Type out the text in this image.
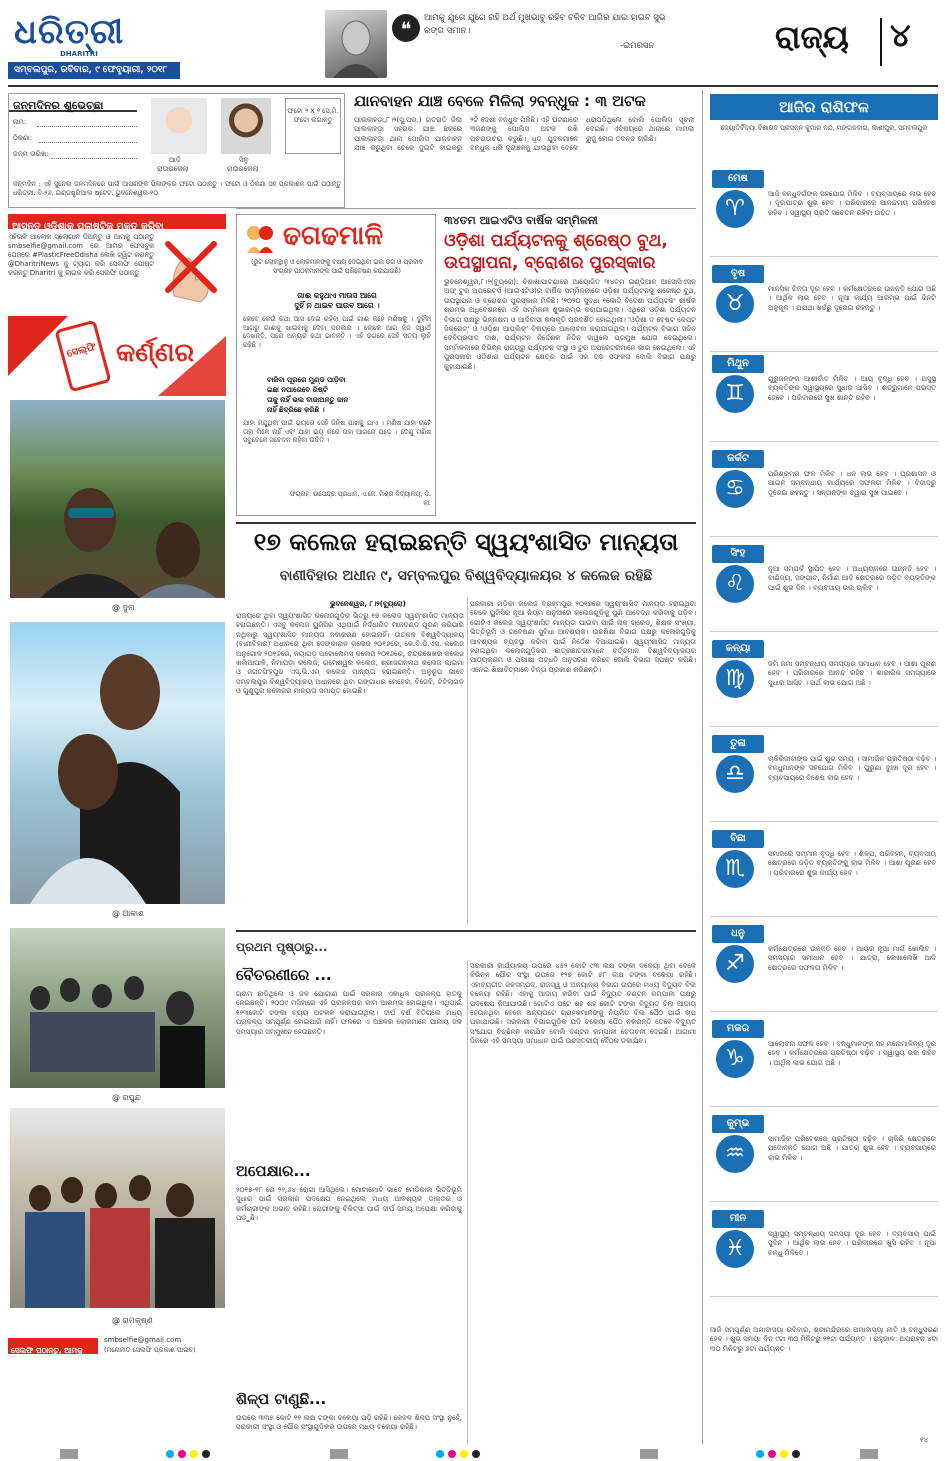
ଧରିତ୍ରୀ
DHARITRI
ସମ୍ବଲପୁର, ରବିବାର, ୯ ଫେବୃୟାରୀ, ୨୦୧୮
❝	ଆମକୁ ଯୁଗେ ଯୁଗେ ରହି ଅର୍ଥ ମୁଖଭାବୁ ରହିବ ବଳିବ ଆଗିର ଯାଇ ହାଇବ ସୁଭ ରଙ୍ଗ ସମାନ।
-ଇମରସନ	ରାଜ୍ୟ ୪
ଜନ୍ମଦିନର ଶୁଭେଚ୍ଛା
ନାମ:
ଠିକଣା:
ଜନ୍ମ ତାରିଖ:
ଆଦି
ରାଉରକେଲା
ସିନୁ
ରାଉରକେଲା
ଫଟୋ ୨ X ୨ ସେ.ମି. ଫଟୋ ଲଗାନ୍ତୁ
ଜନ୍ମଦିନ : ଏହି ସୁନେଲ ଜନମଦିନରେ ପାଇଁ ଆପଣଙ୍କ ପିଲାଙ୍କର ଫଟୋ ପଠାନ୍ତୁ । ଫଟୋ ଓ ଠିକଣା ସହ ପ୍ରକାଶନ ପାଇଁ ପଠାନ୍ତୁ ଧରିତ୍ରୀ, ବି-୨୬, ଇଣ୍ଡଷ୍ଟ୍ରିଆଲ ଷ୍ଟେଟ, ଭୁବନେଶ୍ୱର-୧୦
ଆସନ୍ତୁ ଓଡ଼ିଶାକୁ ପ୍ଲାଷ୍ଟିକ ମୁକ୍ତ କରିବା
ଏହିଭଳି ଆଲୋକ ସ୍ଲୋଗାନ ଦିଅନ୍ତୁ ଓ ଆମକୁ ପଠାନ୍ତୁ smbselfie@gmail.com ରେ ଆମର ଫେସବୁକ ପେଜରେ #PlasticFreeOdisha ଲେଖି ଟ୍ୱିଟ କରନ୍ତୁ @DharitriNews କୁ ଟ୍ୟାଗ କରି ସେଲଫି ପୋଷ୍ଟ କରନ୍ତୁ Dharitri କୁ ଲାଇକ କରି ସେଲଫି ପଠାନ୍ତୁ
ସେଲ୍ଫି କର୍ଣ୍ଣର
@ ଦୁନା
@ ଆକାଶ
@ ରଘୁନ୍ଦ
@ ରାମକୃଷ୍ଣ
ସେଲଫି ପଠାନ୍ତୁ, ଆମକୁ ପଠାନ୍ତୁ
smbselfie@gmail.com
(ମନୋନୀତ ସେଲଫି ପ୍ରକାଶ ପାଇବ)
ଯାନବାହନ ଯାଞ୍ଚ ବେଳେ ମିଳିଲା ୨ବନ୍ଧୁକ : ୩ ଅଟକ
ପାଲଲାହଡ଼ା,୮।୨(ସୁ.ପ୍ର.) ଗତରାତି ଜିଲା ପାଲଲାହଡ଼ା ସହରର ଯାଞ୍ଚ ଛକରେ ପାଲଲାହଡ଼ା ଥାନା ପୋଲିସ ଯାନବାହନ ଯାଞ୍ଚ କରୁଥିବା ବେଳେ ଦୁଇଟି ବାଇକରୁ ୨ଟି ଦେଶୀ ବନ୍ଧୁକ ମିଳିଛି। ଏହି ଘଟଣାରେ ୩ଜଣଙ୍କୁ ପୋଲିସ ଅଟକ ରଖି ପଚରାଉଚରା କରୁଛି। ଧୃତ ଯୁବକମାନେ ବନ୍ଧୁକ ଧରି ଦୂରାଞ୍ଚଳକୁ ଯାଉଥିବା ବେଳେ ଧରାପଡ଼ିଥିଲେ ବୋଲି ପୋଲିସ ସୂଚନା ଦେଇଛି। ଏବିଷୟରେ ଥାନାରେ ମାମଲା ରୁଜୁ ହୋଇ ତଦନ୍ତ ଚାଲିଛି।
ଢଗଢମାଳି
(ରୁଟି ଲୋକନ୍ଥାଳୁ ଓ ଲୋକମାନଙ୍କୁ ବିଷୟ ଦେଇଥିବା ଭଲ ଢଗ ଓ ପ୍ରବାଦ ସଂଗ୍ରହ ପାଠକମାନଙ୍କ ପାଇଁ ପରିବେଷଣ କରାଯାଉଛି)
ଗାଈ କହୁଥାଏ ମାଉସ ଆଗେ
ଦୁହିଁ ନ ଥାଇବ ପାଉବ ଆଗେ ।
କେବେ କେଉଁ କଥା ଆସ ଦେଇ ରହିବା ପାଇଁ ଗାଈ କହେ ମଣିଷକୁ । ଦୁହିଁବା ଆଗରୁ ଗାଈକୁ ଖାଇବାକୁ ଦେବା ଦରକାର । ଲୋକେ ଆଗ ନିଜ ସ୍ୱାର୍ଥ ଦେଖନ୍ତି, ପରେ ଅନ୍ୟର କଥା ଭାବନ୍ତି । ଏହି ଢଗରେ ସେହି ସତ୍ୟ ଲୁଚି ରହିଛି ।
ବାଜିବା ପୂରରେ ମୁଣ୍ଡ ପାଡ଼ିବା
ଇଛା ନପାରେବେ ରିଷ୍ଟି
ତାକୁ ନାହିଁ ଭଲ ବାଜାଅନ୍ତୁ ଜାନ
ନାହିଁ ଛିଦ୍ରିଛେ କରିଛି ।
ଯାହା ମନ୍ଦୁଥିବା ପାଇଁ ଭୟରେ ସେହି ଜିନିଷ ପାଖକୁ ଯାଏ । ମଣିଷ ଯାହା ଚାହେଁ ତାହା ମିଳେ ନାହିଁ ଏବଂ ଯାହା ଭୟ କରେ ତାହା ଆଗରେ ପଡ଼େ । ତେଣୁ ମଣିଷ ସବୁବେଳେ ସଚେତନ ରହିବା ଉଚିତ ।
ସଂଗ୍ରହ: ଉପେନ୍ଦ୍ର ପ୍ରଧାନ, ଏ.ଜେ. ମିଶ୍ର ବିଦ୍ୟାଳୟ, ଡି. ଲା.
୩୪ତମ ଆଇଏଟିଓ ବାର୍ଷିକ ସମ୍ମିଳନୀ
ଓଡ଼ିଶା ପର୍ଯ୍ୟଟନକୁ ଶ୍ରେଷ୍ଠ ବୁଥ, ଉପସ୍ଥାପନା, ବ୍ରୋଶର ପୁରସ୍କାର
ଭୁବନେଶ୍ୱର,୮।୨(ବ୍ୟୁରୋ): ବିଶାଖାପାଟଣାରେ ଆୟୋଜିତ ୩୪ତମ ଇଣ୍ଡିଆନ୍ ଆସୋସିଏସନ୍ ଅଫ୍ ଟୁର ଅପରେଟର୍ସ (ଆଇଏଟିଓ)ର ବାର୍ଷିକ ସମ୍ମିଳନୀରେ ଓଡ଼ିଶା ପର୍ଯ୍ୟଟନକୁ ଶ୍ରେଷ୍ଠ ବୁଥ, ଉପସ୍ଥାପନା ଓ ବ୍ରୋଶର ପୁରସ୍କାର ମିଳିଛି। '୨୦୨୦ ସୁଦ୍ଧା ୧କୋଟି ବିଦେଶୀ ପର୍ଯ୍ୟଟକ' ଶୀର୍ଷକ ଶ୍ରମ୍ଭ ଅଧିବେଶନରେ ଏହି ସମ୍ମିଳନୀ ଶୁଭାରମ୍ଭ କରାଯାଇଥିଲା। ଏଥିରେ ଓଡ଼ିଶା ପର୍ଯ୍ୟଟନ ବିଭାଗ ପକ୍ଷରୁ ଭିନ୍ନକ୍ଷମ ଓ ଆଦିବାସୀ କଳାକୃତି ପ୍ରଦର୍ଶିତ ହୋଇଥିଲା। 'ଓଡ଼ିଶା ଦ ବେଷ୍ଟ କେପ୍ଟ ସିକ୍ରେଟ୍' ଓ 'ଓଡ଼ିଶା ଆପ୍ଲିକ୍' ବିଷୟରେ ଆଲୋଚନା କରାଯାଇଥିଲା। ପର୍ଯ୍ୟଟନ ବିଭାଗ ସଚିବ ଦେବିପ୍ରସାଦ ଦାଶ, ପର୍ଯ୍ୟଟନ ନିର୍ଦ୍ଦେଶକ ନିତିନ ଜାୱଲେ ପ୍ରମୁଖ ଯୋଗ ଦେଇଥିଲେ। ସମ୍ମିଳନୀରେ ବିଭିନ୍ନ ରାଜ୍ୟରୁ ପର୍ଯ୍ୟଟନ ସଂସ୍ଥା ଓ ଟୁର ଅପରେଟରମାନେ ଭାଗ ନେଇଥିଲେ। ଏହି ପୁରସ୍କାର ଓଡ଼ିଶାର ପର୍ଯ୍ୟଟନ କ୍ଷେତ୍ର ପାଇଁ ଏକ ବଡ଼ ସଫଳତା ବୋଲି ବିଭାଗ ପକ୍ଷରୁ କୁହାଯାଇଛି।
୧୭ କଲେଜ ହରାଇଛନ୍ତି ସ୍ୱୟଂଶାସିତ ମାନ୍ୟତା
ବାଣୀବିହାର ଅଧୀନ ୯, ସମ୍ବଲପୁର ବିଶ୍ୱବିଦ୍ୟାଳୟର ୪ କଲେଜ ରହିଛି
ଭୁବନେଶ୍ୱର, ୮।୨(ବ୍ୟୁରୋ)
ରାଜ୍ୟରେ ଥିବା ସ୍ୱୟଂଶାସିତ କଲେଜଗୁଡ଼ିକ ଭିତରୁ ୧୭ କଲେଜ ସ୍ୱୟଂଶାସିତ ମାନ୍ୟତା ହରାଇଛନ୍ତି। ଏସବୁ କଲେଜ ୟୁଜିସିର ଏଥିପାଇଁ ନିର୍ଦ୍ଧାରିତ ମାନଦଣ୍ଡ ପୂରଣ କରିପାରି ନଥିବାରୁ ସ୍ୱୟଂଶାସିତ ମାନ୍ୟତା ନବୀକରଣ ହୋଇନାହିଁ। ଉତ୍କଳ ବିଶ୍ୱବିଦ୍ୟାଳୟ (ବାଣୀବିହାର) ଅଧୀନରେ ଥିବା ଦେଙ୍କାନାଳ କଲେଜ ୨୦୧୬ରେ, କେ.ବି.ଡି.ଏସ. କଲେଜ ଅନୁଗୋଳ ୨୦୧୬ରେ, ନୟାଗଡ଼ ଅଟୋନୋମସ୍ କଲେଜ ୨୦୧୬ରେ, ଚନ୍ଦ୍ରଶେଖର କଲେଜ ଖଲିଆପାଳି, ନିମାପଡ଼ା କଲେଜ, ରାମେଶ୍ୱର କଲେଜ, ଶ୍ରୀଜଗନ୍ନାଥ କଲେଜ କାଇମା ଓ ଜଗତସିଂହପୁର ଏସ୍.ଭି.ଏମ୍ କଲେଜ ମାନ୍ୟତା ହରାଇଛନ୍ତି। ଅନୁରୂପ ଭାବେ ସମ୍ବଲପୁର ବିଶ୍ୱବିଦ୍ୟାଳୟ ଅଧୀନରେ ଥିବା ଗଙ୍ଗାଧର ମେହେର, ବିଜେବି, ଟିଟିଲାଗଡ଼ ଓ ଗୁଣୁପୁର କଲେଜର ମାନ୍ୟତା ସମାପ୍ତ ହୋଇଛି।
ସରକାରୀ ମଡ଼ିକା କଲେଜ ବ୍ରହ୍ମପୁର ୨୦୧୭ରେ ସ୍ୱୟଂଶାସିତ ମାନ୍ୟତା ହରାଇଥିବା ବେଳେ ୟୁଜିସିର ନୂଆ ନିୟମ ଅନୁସାରେ କଲେଜଗୁଡ଼ିକୁ ପୁଣି ଆବେଦନ କରିବାକୁ ପଡ଼ିବ। ଗୋଟିଏ କଲେଜ ସ୍ୱୟଂଶାସିତ ମାନ୍ୟତା ପାଇବା ପାଇଁ ନାକ୍ ଗ୍ରେଡ୍, ଶିକ୍ଷକ ସଂଖ୍ୟା, ଭିତ୍ତିଭୂମି ଓ ଗବେଷଣା ସୁବିଧା ଆବଶ୍ୟକ। ଉଚ୍ଚଶିକ୍ଷା ବିଭାଗ ପକ୍ଷରୁ କଲେଜଗୁଡ଼ିକୁ ଆବଶ୍ୟକ ବ୍ୟବସ୍ଥା କରିବା ପାଇଁ ନିର୍ଦ୍ଦେଶ ଦିଆଯାଇଛି। ସ୍ୱୟଂଶାସିତ ମାନ୍ୟତା ହରାଇଥିବା କଲେଜଗୁଡ଼ିକର ଛାତ୍ରଛାତ୍ରୀମାନେ ବର୍ତ୍ତମାନ ବିଶ୍ୱବିଦ୍ୟାଳୟର ପାଠ୍ୟକ୍ରମ ଓ ପରୀକ୍ଷା ପଦ୍ଧତି ଅନୁସରଣ କରିବେ ବୋଲି ବିଭାଗ ସ୍ପଷ୍ଟ କରିଛି। ଏନେଇ ଶିକ୍ଷାବିତ୍‌ମାନେ ଚିନ୍ତା ପ୍ରକାଶ କରିଛନ୍ତି।
ପ୍ରଥମ ପୃଷ୍ଠାରୁ...
ବୈତରଣୀରେ ...
ଗ୍ରାମ ଛାଡ଼ିଥିଲେ ଓ ଜଳ ଯୋଗାଣ ପାଇଁ ସରକାର ଏକାଧିକ ପ୍ରକଳ୍ପ ହାତକୁ ନେଇଛନ୍ତି। ୨୦୦୯ ମସିହାରେ ଏହି ପ୍ରକଳ୍ପର କାମ ଆରମ୍ଭ ହୋଇଥିଲା। ଏଥିପାଇଁ ୧୨୩କୋଟି ଟଙ୍କା ବ୍ୟୟ ଅଟକଳ କରାଯାଇଥିଲା। ଦୀର୍ଘ ବର୍ଷ ବିତିଗଲେ ମଧ୍ୟ ପ୍ରକଳ୍ପ ସମ୍ପୂର୍ଣ୍ଣ ହୋଇପାରି ନାହିଁ। ଫଳରେ ଏ ଅଞ୍ଚଳର ଲୋକମାନେ ପାନୀୟ ଜଳ ସମସ୍ୟାର ସମ୍ମୁଖୀନ ହେଉଛନ୍ତି।
ଅପେକ୍ଷାର...
୨୦୧୭-୧୮ ରେ ୨୨,୬୪ ରୋଗୀ ଆସିଥିଲେ। ମୋଟାମୋଟି ଭାବେ ମେଡିକାଲ ଭିତ୍ତିଭୂମି ସୁଧାର ପାଇଁ ସରକାର ପଦକ୍ଷେପ ନେଇଥିଲେ ମଧ୍ୟ ଆବଶ୍ୟକ ଡାକ୍ତର ଓ କର୍ମଚାରୀଙ୍କ ଅଭାବ ରହିଛି। ରୋଗୀଙ୍କୁ ଚିକିତ୍ସା ପାଇଁ ଦୀର୍ଘ ସମୟ ଅପେକ୍ଷା କରିବାକୁ ପଡ଼ୁଛି।
ଶିଳ୍ପ ଟାଣୁଛି...
ଉପରେ ୩୩୫ କୋଟି ୧୧ ଲକ୍ଷ ଟଙ୍କା ବକେୟା ପଡ଼ି ରହିଛି। କେବଳ ଶିଳ୍ପ ସଂସ୍ଥା ନୁହେଁ, ସରକାରୀ ସଂସ୍ଥା ଓ ପୌର ସଂସ୍ଥାଗୁଡ଼ିକର ଉପରେ ମଧ୍ୟ ବକେୟା ରହିଛି।
ସରକାରୀ କାର୍ଯ୍ୟାଳୟ ଉପରେ ୪୫୨ କୋଟି ୯୩ ଲକ୍ଷ ଟଙ୍କା ବକେୟା ଥିବା ବେଳେ ବିଭିନ୍ନ ପୌର ସଂସ୍ଥା ଉପରେ ୧୨୭ କୋଟି ୫୮ ଲକ୍ଷ ଟଙ୍କା ବକେୟା ରହିଛି। ଏହାବ୍ୟତୀତ ଜଳସମ୍ପଦ, ରାଜସ୍ୱ ଓ ଅନ୍ୟାନ୍ୟ ବିଭାଗ ଉପରେ ମଧ୍ୟ ବିଦ୍ୟୁତ ବିଲ ବକେୟା ରହିଛି। ଏହାକୁ ଆଦାୟ କରିବା ପାଇଁ ବିଦ୍ୟୁତ ବଣ୍ଟନ କମ୍ପାନୀ ପକ୍ଷରୁ ପଦକ୍ଷେପ ନିଆଯାଉଛି। ଗୋଟିଏ ପଟେ ଶହ ଶହ କୋଟି ଟଙ୍କା ବିଦ୍ୟୁତ ବିଲ ଆଦାୟ ହେଉନଥିବା ବେଳେ ଅନ୍ୟପଟେ ଗ୍ରାହକମାନଙ୍କୁ ନିୟମିତ ବିଲ ପୈଠ ପାଇଁ ଚାପ ପକାଯାଉଛି। ସରକାରୀ ବିଭାଗଗୁଡ଼ିକ ଯଦି ବକେୟା ପୈଠ ନକରନ୍ତି ତେବେ ବିଦ୍ୟୁତ ସଂଯୋଗ ବିଚ୍ଛିନ୍ନ କରାଯିବ ବୋଲି ବଣ୍ଟନ କମ୍ପାନୀ ଚେତାବନୀ ଦେଇଛି। ଆଗାମୀ ଦିନରେ ଏହି ସମସ୍ୟା ସମାଧାନ ପାଇଁ ଉଚ୍ଚସ୍ତରୀୟ ବୈଠକ ଡକାଯିବ।
ଆଜିର ରାଶିଫଳ
ଜ୍ୟୋତିର୍ବିଦ୍ୟା ବିଶାରଦ ପ୍ରସନ୍ନ କୁମାର ନନ୍ଦ, ମଙ୍ଗଳବାଗ, କାଶୀପୁର, ସମ୍ବଲପୁର
ମେଷ
♈
ଆଜି ବନ୍ଧୁବର୍ଗଙ୍କ ସହଯୋଗ ମିଳିବ । ବ୍ୟବସାୟରେ ଲାଭ ହେବ । ଦୂରଯାତ୍ରା ଶୁଭ ହେବ । ପରିବାରରେ ଆନନ୍ଦମୟ ପରିବେଶ ରହିବ । ସ୍ୱାସ୍ଥ୍ୟ ପ୍ରତି ସଚେତନ ରହିବା ଉଚିତ ।
ବୃଷ
♉
ମାନସିକ ଚିନ୍ତା ଦୂର ହେବ । କର୍ମକ୍ଷେତ୍ରରେ ଉନ୍ନତି ଯୋଗ ଅଛି । ଆର୍ଥିକ ଲାଭ ହେବ । ନୂଆ କାର୍ଯ୍ୟ ଆରମ୍ଭ ପାଇଁ ଦିନଟି ଅନୁକୂଳ । ଅଯଥା ଖର୍ଚ୍ଚରୁ ଦୂରେଇ ରହନ୍ତୁ ।
ମିଥୁନ
♊
ଗୁରୁଜନଙ୍କ ଆଶୀର୍ବାଦ ମିଳିବ । ଆୟ ବୃଦ୍ଧି ହେବ । ଅସୁସ୍ଥ ବ୍ୟକ୍ତିଙ୍କ ସ୍ୱାସ୍ଥ୍ୟରେ ସୁଧାର ଆସିବ । ଶତ୍ରୁମାନେ ପରାସ୍ତ ହେବେ । ପରିବାରରେ ସୁଖ ଶାନ୍ତି ରହିବ ।
କର୍କଟ
♋
ପରିଶ୍ରମର ଫଳ ମିଳିବ । ଧନ ଲାଭ ହେବ । ପ୍ରଶାସନ ଓ ଆଇନ ସମ୍ବନ୍ଧୀୟ କାର୍ଯ୍ୟରେ ସଫଳତା ମିଳିବ । ବିବାଦରୁ ଦୂରେଇ ରହନ୍ତୁ । ସନ୍ତାନଙ୍କ ଦ୍ୱାରା ସୁଖ ପାଇବେ ।
ସିଂହ
♌
ନୂଆ ସମ୍ପର୍କ ସ୍ଥାପିତ ହେବ । ଅଧ୍ୟୟନରେ ଉନ୍ନତି ହେବ । ବାଣିଜ୍ୟ, ସଙ୍ଗୀତ, ନିର୍ମାଣ ଆଦି କ୍ଷେତ୍ରରେ ଜଡ଼ିତ ବ୍ୟକ୍ତିଙ୍କ ପାଇଁ ଶୁଭ ଦିନ । ବ୍ୟବସାୟ ଭଲ ଚାଲିବ ।
କନ୍ୟା
♍
ଜମି ଜମା ସମ୍ବନ୍ଧୀୟ ସମସ୍ୟାର ସମାଧାନ ହେବ । ଆଶା ପୂରଣ ହେବ । ପରିବାରରେ ଆନନ୍ଦ ରହିବ । ଶାରୀରିକ ସମସ୍ୟାରେ ସୁଧାର ଆସିବ । ଅର୍ଥ ଲାଭ ଯୋଗ ଅଛି ।
ତୁଳା
♎
ଚାକିରିଜୀବୀଙ୍କ ପାଇଁ ଶୁଭ ସମୟ । ସାମାଜିକ ପ୍ରତିଷ୍ଠା ବଢ଼ିବ । ବନ୍ଧୁମାନଙ୍କ ସହଯୋଗ ମିଳିବ । ପୁରୁଣା ଦୁଃଖ ଦୂର ହେବ । ବ୍ୟବସାୟରେ ବିଶେଷ ଲାଭ ହେବ ।
ବିଛା
♏
ସମାଜରେ ସମ୍ମାନ ବୃଦ୍ଧି ହେବ । ଶିଳ୍ପ, ପରିବହନ, ବ୍ୟବସାୟ କ୍ଷେତ୍ରରେ ଜଡ଼ିତ ବ୍ୟକ୍ତିଙ୍କୁ ଲାଭ ମିଳିବ । ଆଶା ପୂରଣ ହେବ । ପରିବାରରେ ଶୁଭ କାର୍ଯ୍ୟ ହେବ ।
ଧନୁ
♐
କର୍ମକ୍ଷେତ୍ରରେ ଉନ୍ନତି ହେବ । ଆୟର ନୂଆ ମାର୍ଗ ଖୋଲିବ । ସମସ୍ୟାର ସମାଧାନ ହେବ । ଯାତ୍ରା, ଲେଖାଲେଖି ଆଦି କ୍ଷେତ୍ରରେ ସଫଳତା ମିଳିବ ।
ମକର
♑
ଆଲୋଚନା ସଫଳ ହେବ । ବନ୍ଧୁମାନଙ୍କ ସହ ମନୋମାଳିନ୍ୟ ଦୂର ହେବ । କର୍ମକ୍ଷେତ୍ରରେ ପ୍ରତିଷ୍ଠା ବଢ଼ିବ । ସ୍ୱାସ୍ଥ୍ୟ ଭଲ ରହିବ । ଆର୍ଥିକ ଲାଭ ଯୋଗ ଅଛି ।
କୁମ୍ଭ
♒
ସାମାଜିକ ପରିବେଶରେ ପ୍ରତିଷ୍ଠା ବଢ଼ିବ । ଚାକିରି କ୍ଷେତ୍ରରେ ପଦୋନ୍ନତି ଯୋଗ ଅଛି । ଯାତ୍ରା ଶୁଭ ହେବ । ବ୍ୟବସାୟରେ ଲାଭ ମିଳିବ ।
ମୀନ
♓
ସ୍ୱାସ୍ଥ୍ୟ ସମ୍ବନ୍ଧୀୟ ସମସ୍ୟା ଦୂର ହେବ । ବ୍ୟବସାୟ ପାଇଁ ସୁଦିନ । ଆର୍ଥିକ ଲାଭ ହେବ । ପରିବାରରେ ଖୁସି ରହିବ । ନୂଆ ବନ୍ଧୁ ମିଳିବେ ।
ଆଜି ସମ୍ପୂର୍ଣ୍ଣ ଅମାବାସ୍ୟା ରବିବାର, ଶ୍ରୀମନ୍ଦିରରେ ଅମାବାସ୍ୟା ନୀତି ଓ ବନ୍ଧୁସରଣ ହେବ । ଶୁଭ ସମୟ: ଦିନ ୯ଟା ୩୦ ମିନିଟରୁ ୧୧ଟା ପର୍ଯ୍ୟନ୍ତ । ରାହୁକାଳ: ଅପରାହ୍ନ ୪ଟା ୩୦ ମିନିଟରୁ ୬ଟା ପର୍ଯ୍ୟନ୍ତ ।
୧୪
